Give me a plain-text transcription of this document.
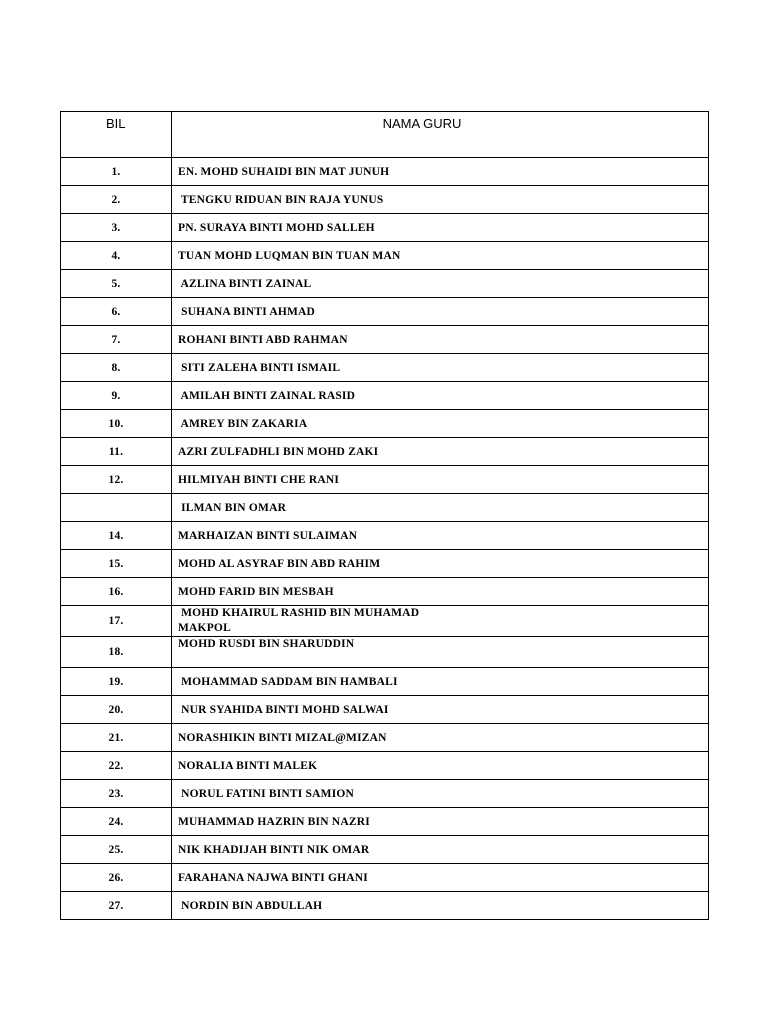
BIL	NAMA GURU
1.	EN. MOHD SUHAIDI BIN MAT JUNUH
2.	TENGKU RIDUAN BIN RAJA YUNUS
3.	PN. SURAYA BINTI MOHD SALLEH
4.	TUAN MOHD LUQMAN BIN TUAN MAN
5.	AZLINA BINTI ZAINAL
6.	SUHANA BINTI AHMAD
7.	ROHANI BINTI ABD RAHMAN
8.	SITI ZALEHA BINTI ISMAIL
9.	AMILAH BINTI ZAINAL RASID
10.	AMREY BIN ZAKARIA
11.	AZRI ZULFADHLI BIN MOHD ZAKI
12.	HILMIYAH BINTI CHE RANI
	ILMAN BIN OMAR
14.	MARHAIZAN BINTI SULAIMAN
15.	MOHD AL ASYRAF BIN ABD RAHIM
16.	MOHD FARID BIN MESBAH
17.	MOHD KHAIRUL RASHID BIN MUHAMAD
MAKPOL
18.	MOHD RUSDI BIN SHARUDDIN
19.	MOHAMMAD SADDAM BIN HAMBALI
20.	NUR SYAHIDA BINTI MOHD SALWAI
21.	NORASHIKIN BINTI MIZAL@MIZAN
22.	NORALIA BINTI MALEK
23.	NORUL FATINI BINTI SAMION
24.	MUHAMMAD HAZRIN BIN NAZRI
25.	NIK KHADIJAH BINTI NIK OMAR
26.	FARAHANA NAJWA BINTI GHANI
27.	NORDIN BIN ABDULLAH
